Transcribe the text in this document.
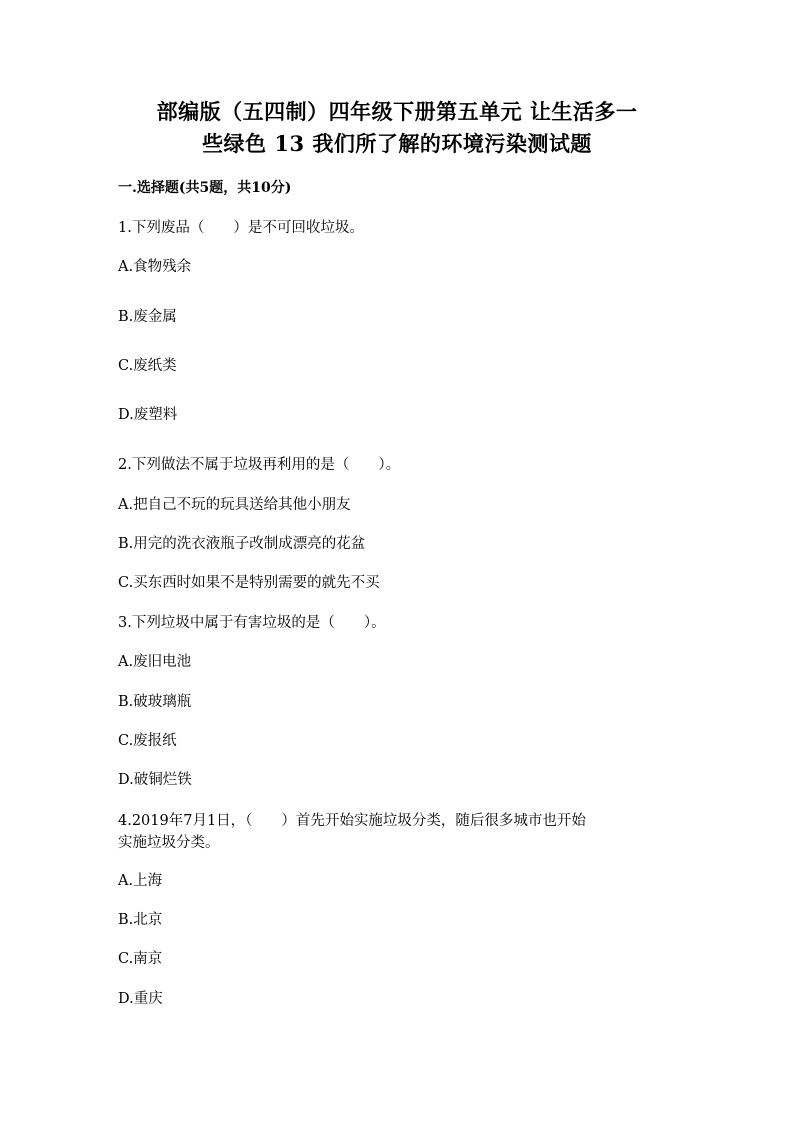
部编版（五四制）四年级下册第五单元 让生活多一
些绿色 13 我们所了解的环境污染测试题
一.选择题(共5题，共10分)
1.下列废品（　　）是不可回收垃圾。
A.食物残余
B.废金属
C.废纸类
D.废塑料
2.下列做法不属于垃圾再利用的是（　　）。
A.把自己不玩的玩具送给其他小朋友
B.用完的洗衣液瓶子改制成漂亮的花盆
C.买东西时如果不是特别需要的就先不买
3.下列垃圾中属于有害垃圾的是（　　）。
A.废旧电池
B.破玻璃瓶
C.废报纸
D.破铜烂铁
4.2019年7月1日，（　　）首先开始实施垃圾分类，随后很多城市也开始
实施垃圾分类。
A.上海
B.北京
C.南京
D.重庆
